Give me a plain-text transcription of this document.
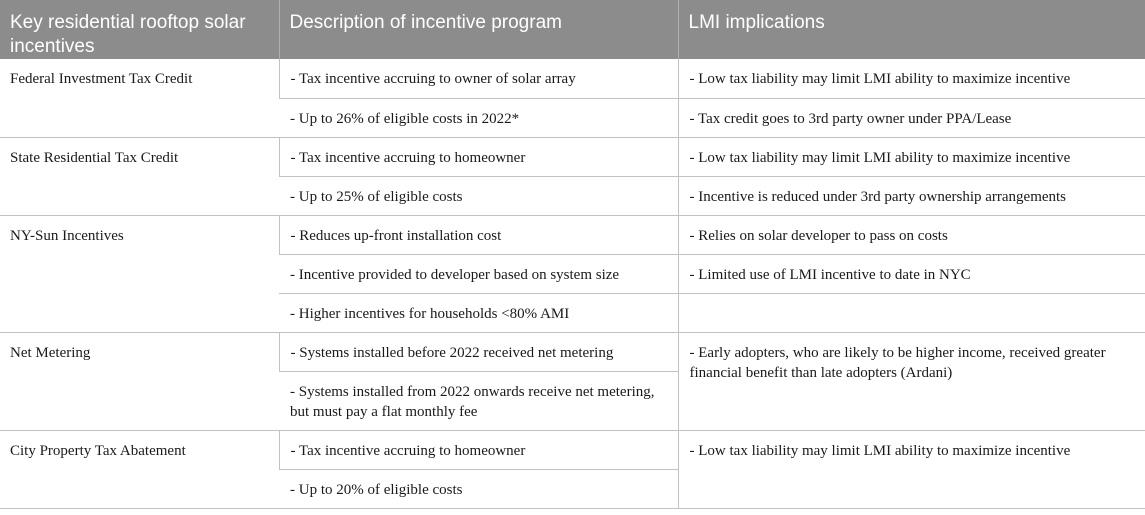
Key residential rooftop solar incentives	Description of incentive program	LMI implications
Federal Investment Tax Credit	- Tax incentive accruing to owner of solar array	- Low tax liability may limit LMI ability to maximize incentive
	- Up to 26% of eligible costs in 2022*	- Tax credit goes to 3rd party owner under PPA/Lease
State Residential Tax Credit	- Tax incentive accruing to homeowner	- Low tax liability may limit LMI ability to maximize incentive
	- Up to 25% of eligible costs	- Incentive is reduced under 3rd party ownership arrangements
NY-Sun Incentives	- Reduces up-front installation cost	- Relies on solar developer to pass on costs
	- Incentive provided to developer based on system size	- Limited use of LMI incentive to date in NYC
	- Higher incentives for households <80% AMI	
Net Metering	- Systems installed before 2022 received net metering	- Early adopters, who are likely to be higher income, received greater financial benefit than late adopters (Ardani)
	- Systems installed from 2022 onwards receive net metering, but must pay a flat monthly fee	
City Property Tax Abatement	- Tax incentive accruing to homeowner	- Low tax liability may limit LMI ability to maximize incentive
	- Up to 20% of eligible costs	
